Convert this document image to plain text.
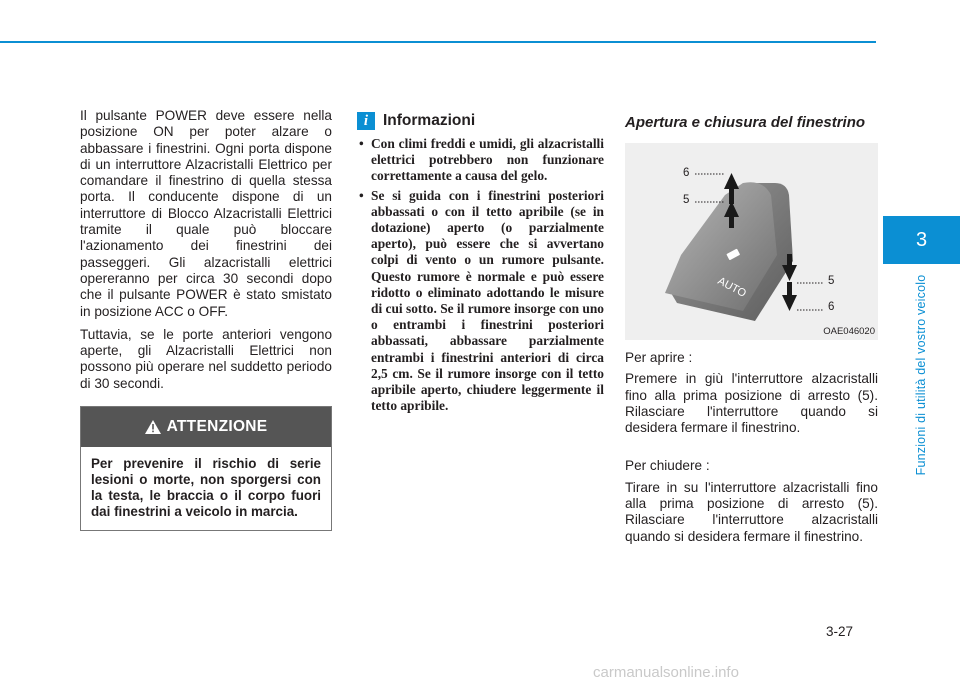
3
Funzioni di utilità del vostro veicolo

Il pulsante POWER deve essere nella posizione ON per poter alzare o abbassare i finestrini. Ogni porta dispone di un interruttore Alzacristalli Elettrico per comandare il finestrino di quella stessa porta. Il conducente dispone di un interruttore di Blocco Alzacristalli Elettrici tramite il quale può bloccare l'azionamento dei finestrini dei passeggeri. Gli alzacristalli elettrici opereranno per circa 30 secondi dopo che il pulsante POWER è stato smistato in posizione ACC o OFF.

Tuttavia, se le porte anteriori vengono aperte, gli Alzacristalli Elettrici non possono più operare nel suddetto periodo di 30 secondi.

ATTENZIONE
Per prevenire il rischio di serie lesioni o morte, non sporgersi con la testa, le braccia o il corpo fuori dai finestrini a veicolo in marcia.
i Informazioni
• Con climi freddi e umidi, gli alzacristalli elettrici potrebbero non funzionare correttamente a causa del gelo.
• Se si guida con i finestrini posteriori abbassati o con il tetto apribile (se in dotazione) aperto (o parzialmente aperto), può essere che si avvertano colpi di vento o un rumore pulsante. Questo rumore è normale e può essere ridotto o eliminato adottando le misure di cui sotto. Se il rumore insorge con uno o entrambi i finestrini posteriori abbassati, abbassare parzialmente entrambi i finestrini anteriori di circa 2,5 cm. Se il rumore insorge con il tetto apribile aperto, chiudere leggermente il tetto apribile.
Apertura e chiusura del finestrino
AUTO
6
5
5
6
OAE046020

Per aprire :

Premere in giù l'interruttore alzacristalli fino alla prima posizione di arresto (5). Rilasciare l'interruttore quando si desidera fermare il finestrino.

Per chiudere :

Tirare in su l'interruttore alzacristalli fino alla prima posizione di arresto (5). Rilasciare l'interruttore alzacristalli quando si desidera fermare il finestrino.

3-27
carmanualsonline.info
